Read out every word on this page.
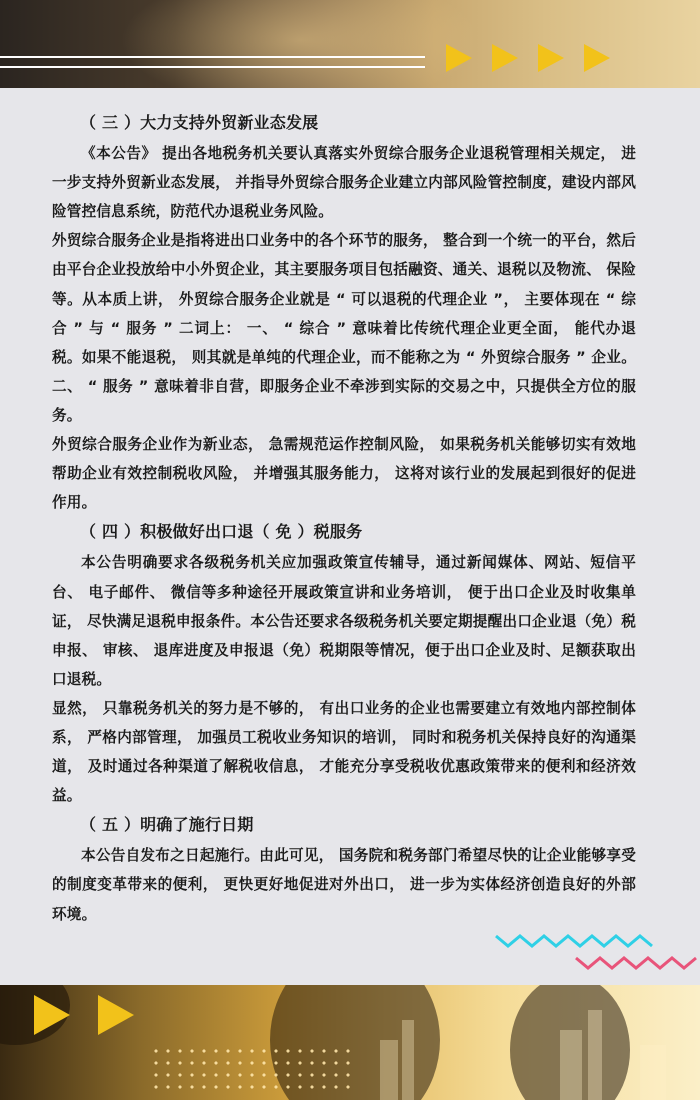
（ 三 ）大力支持外贸新业态发展

《本公告》 提出各地税务机关要认真落实外贸综合服务企业退税管理相关规定， 进一步支持外贸新业态发展， 并指导外贸综合服务企业建立内部风险管控制度，建设内部风险管控信息系统，防范代办退税业务风险。

外贸综合服务企业是指将进出口业务中的各个环节的服务， 整合到一个统一的平台，然后由平台企业投放给中小外贸企业，其主要服务项目包括融资、通关、退税以及物流、 保险等。从本质上讲， 外贸综合服务企业就是 “ 可以退税的代理企业 ”， 主要体现在 “ 综合 ” 与 “ 服务 ” 二词上： 一、 “ 综合 ” 意味着比传统代理企业更全面， 能代办退税。如果不能退税， 则其就是单纯的代理企业，而不能称之为 “ 外贸综合服务 ” 企业。二、 “ 服务 ” 意味着非自营，即服务企业不牵涉到实际的交易之中，只提供全方位的服务。

外贸综合服务企业作为新业态， 急需规范运作控制风险， 如果税务机关能够切实有效地帮助企业有效控制税收风险， 并增强其服务能力， 这将对该行业的发展起到很好的促进作用。

（ 四 ）积极做好出口退（ 免 ）税服务

本公告明确要求各级税务机关应加强政策宣传辅导，通过新闻媒体、网站、短信平台、 电子邮件、 微信等多种途径开展政策宣讲和业务培训， 便于出口企业及时收集单证， 尽快满足退税申报条件。本公告还要求各级税务机关要定期提醒出口企业退（免）税申报、 审核、 退库进度及申报退（免）税期限等情况，便于出口企业及时、足额获取出口退税。

显然， 只靠税务机关的努力是不够的， 有出口业务的企业也需要建立有效地内部控制体系， 严格内部管理， 加强员工税收业务知识的培训， 同时和税务机关保持良好的沟通渠道， 及时通过各种渠道了解税收信息， 才能充分享受税收优惠政策带来的便利和经济效益。

（ 五 ）明确了施行日期

本公告自发布之日起施行。由此可见， 国务院和税务部门希望尽快的让企业能够享受的制度变革带来的便利， 更快更好地促进对外出口， 进一步为实体经济创造良好的外部环境。
